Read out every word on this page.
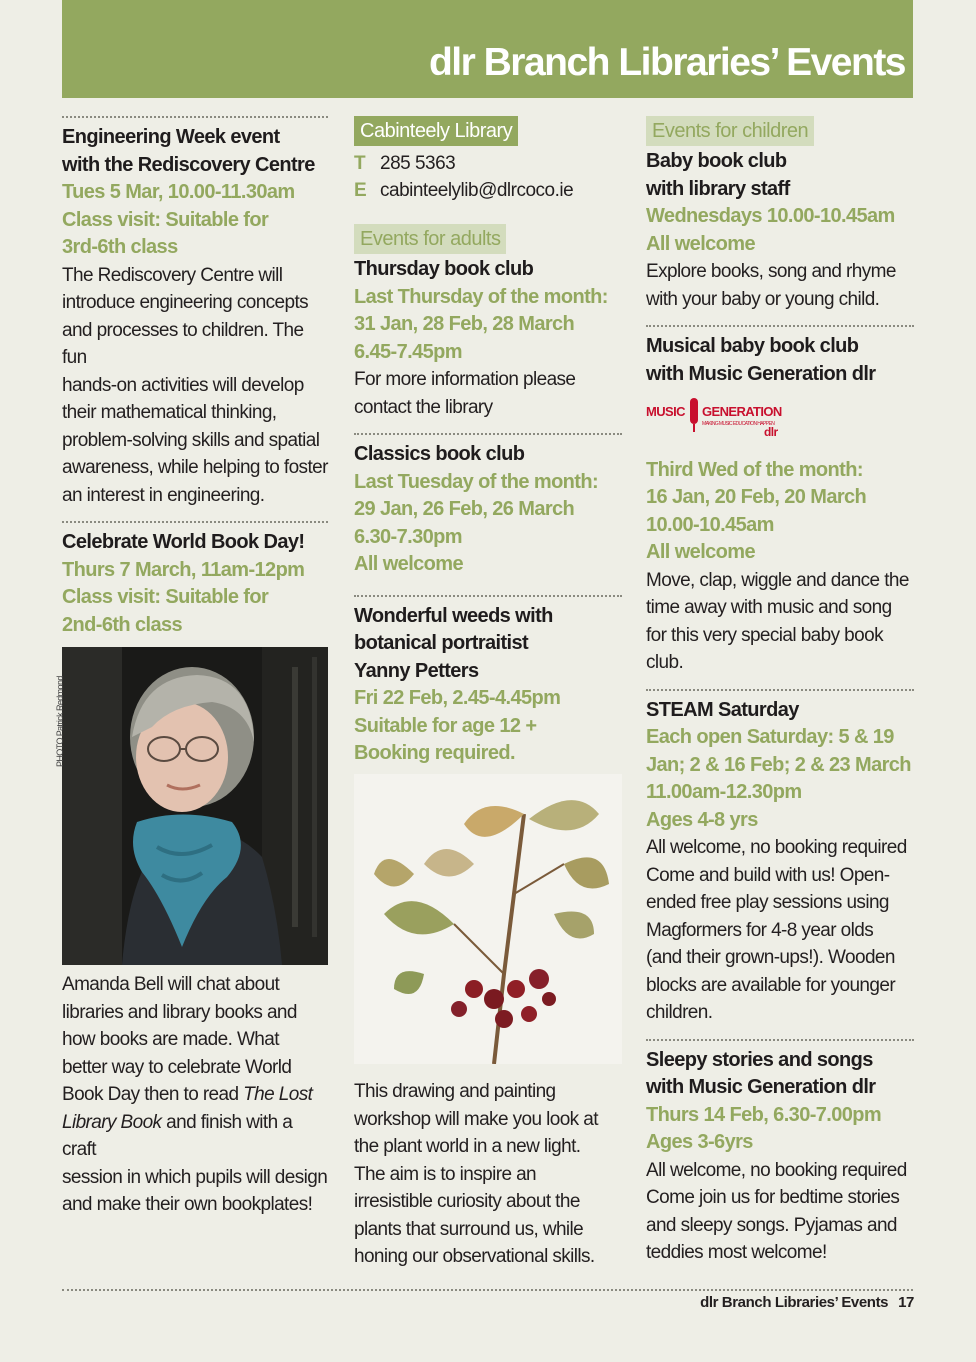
dlr Branch Libraries’ Events
Engineering Week event
with the Rediscovery Centre
Tues 5 Mar, 10.00-11.30am
Class visit: Suitable for
3rd-6th class
The Rediscovery Centre will
introduce engineering concepts
and processes to children. The fun
hands-on activities will develop
their mathematical thinking,
problem-solving skills and spatial
awareness, while helping to foster
an interest in engineering.
Celebrate World Book Day!
Thurs 7 March, 11am-12pm
Class visit: Suitable for
2nd-6th class
PHOTO Patrick Redmond
Amanda Bell will chat about
libraries and library books and
how books are made. What
better way to celebrate World
Book Day then to read The Lost
Library Book and finish with a craft
session in which pupils will design
and make their own bookplates!
Cabinteely Library
T 285 5363
E cabinteelylib@dlrcoco.ie
Events for adults
Thursday book club
Last Thursday of the month:
31 Jan, 28 Feb, 28 March
6.45-7.45pm
For more information please
contact the library
Classics book club
Last Tuesday of the month:
29 Jan, 26 Feb, 26 March
6.30-7.30pm
All welcome
Wonderful weeds with
botanical portraitist
Yanny Petters
Fri 22 Feb, 2.45-4.45pm
Suitable for age 12 +
Booking required.
This drawing and painting
workshop will make you look at
the plant world in a new light.
The aim is to inspire an
irresistible curiosity about the
plants that surround us, while
honing our observational skills.
Events for children
Baby book club
with library staff
Wednesdays 10.00-10.45am
All welcome
Explore books, song and rhyme
with your baby or young child.
Musical baby book club
with Music Generation dlr
MUSIC GENERATION
MAKING MUSIC EDUCATION HAPPEN
dlr
Third Wed of the month:
16 Jan, 20 Feb, 20 March
10.00-10.45am
All welcome
Move, clap, wiggle and dance the
time away with music and song
for this very special baby book
club.
STEAM Saturday
Each open Saturday: 5 & 19
Jan; 2 & 16 Feb; 2 & 23 March
11.00am-12.30pm
Ages 4-8 yrs
All welcome, no booking required
Come and build with us! Open-
ended free play sessions using
Magformers for 4-8 year olds
(and their grown-ups!). Wooden
blocks are available for younger
children.
Sleepy stories and songs
with Music Generation dlr
Thurs 14 Feb, 6.30-7.00pm
Ages 3-6yrs
All welcome, no booking required
Come join us for bedtime stories
and sleepy songs. Pyjamas and
teddies most welcome!
dlr Branch Libraries’ Events 17
